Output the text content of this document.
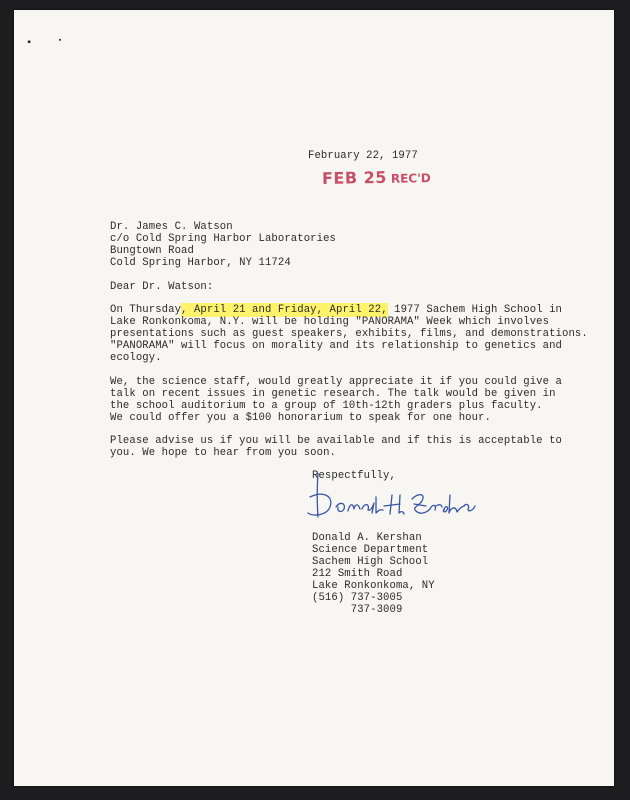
▪	▪
February 22, 1977
FEB 25 REC'D
Dr. James C. Watson
c/o Cold Spring Harbor Laboratories
Bungtown Road
Cold Spring Harbor, NY 11724
Dear Dr. Watson:
On Thursday, April 21 and Friday, April 22, 1977 Sachem High School in
Lake Ronkonkoma, N.Y. will be holding "PANORAMA" Week which involves
presentations such as guest speakers, exhibits, films, and demonstrations.
"PANORAMA" will focus on morality and its relationship to genetics and
ecology.
We, the science staff, would greatly appreciate it if you could give a
talk on recent issues in genetic research. The talk would be given in
the school auditorium to a group of 10th-12th graders plus faculty.
We could offer you a $100 honorarium to speak for one hour.
Please advise us if you will be available and if this is acceptable to
you. We hope to hear from you soon.
Respectfully,
Donald A. Kershan
Science Department
Sachem High School
212 Smith Road
Lake Ronkonkoma, NY
(516) 737-3005
737-3009
